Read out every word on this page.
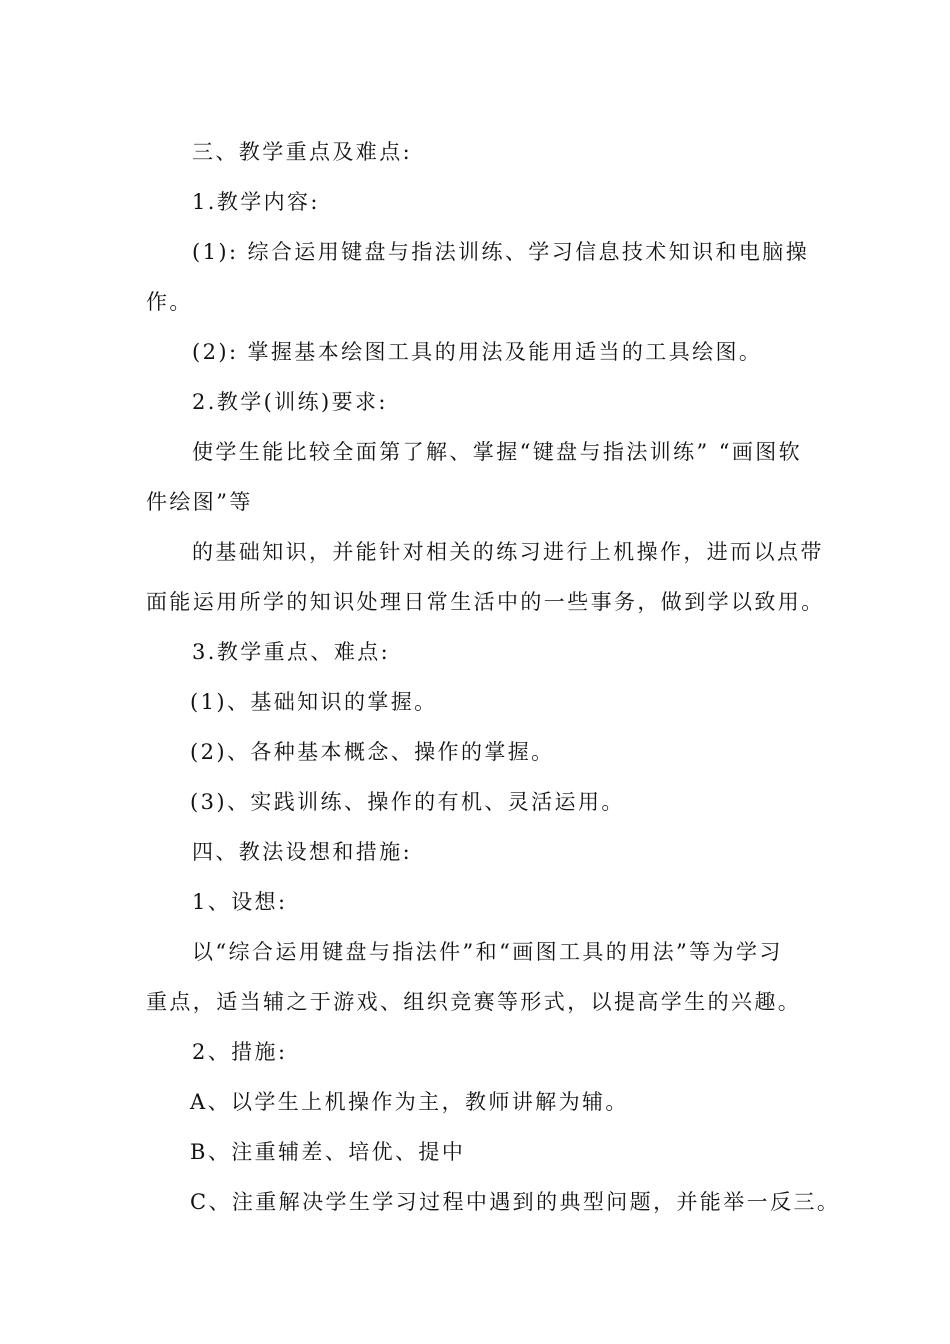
三、教学重点及难点:
1.教学内容:
(1): 综合运用键盘与指法训练、学习信息技术知识和电脑操
作。
(2): 掌握基本绘图工具的用法及能用适当的工具绘图。
2.教学(训练)要求:
使学生能比较全面第了解、掌握“键盘与指法训练” “画图软
件绘图”等
的基础知识，并能针对相关的练习进行上机操作，进而以点带
面能运用所学的知识处理日常生活中的一些事务，做到学以致用。
3.教学重点、难点:
(1)、基础知识的掌握。
(2)、各种基本概念、操作的掌握。
(3)、实践训练、操作的有机、灵活运用。
四、教法设想和措施:
1、设想:
以“综合运用键盘与指法件”和“画图工具的用法”等为学习
重点，适当辅之于游戏、组织竞赛等形式，以提高学生的兴趣。
2、措施:
A、以学生上机操作为主，教师讲解为辅。
B、注重辅差、培优、提中
C、注重解决学生学习过程中遇到的典型问题，并能举一反三。
